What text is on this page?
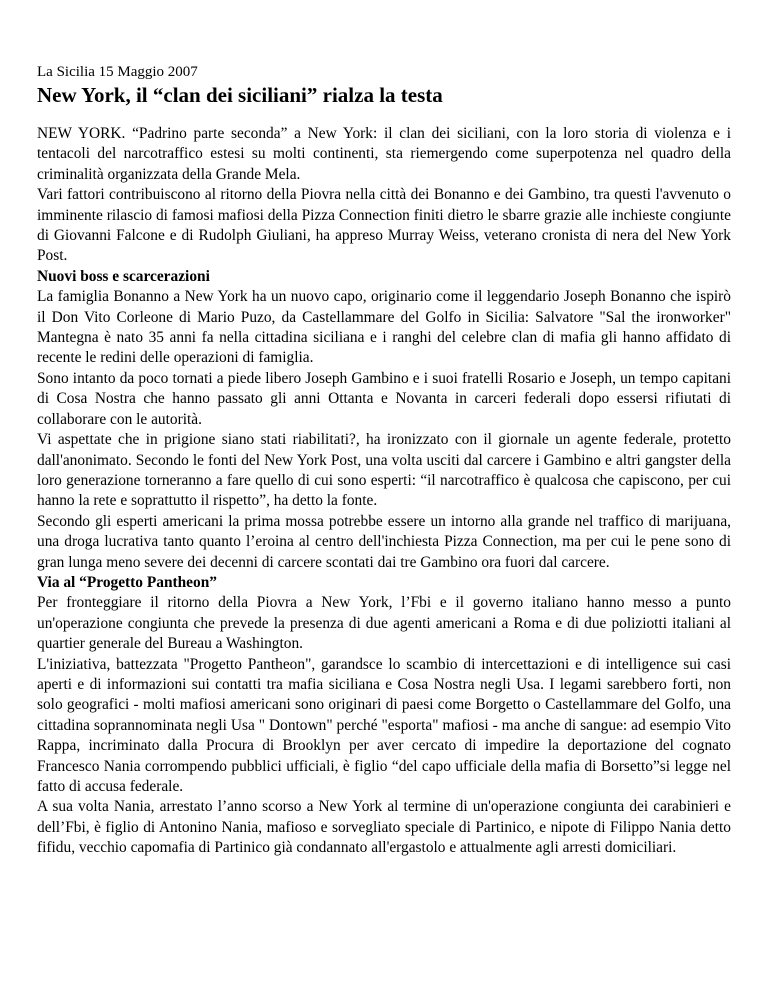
La Sicilia 15 Maggio 2007

New York, il “clan dei siciliani” rialza la testa

NEW YORK. “Padrino parte seconda” a New York: il clan dei siciliani, con la loro storia di violenza e i tentacoli del narcotraffico estesi su molti continenti, sta riemergendo come superpotenza nel quadro della criminalità organizzata della Grande Mela.

Vari fattori contribuiscono al ritorno della Piovra nella città dei Bonanno e dei Gambino, tra questi l'avvenuto o imminente rilascio di famosi mafiosi della Pizza Connection finiti dietro le sbarre grazie alle inchieste congiunte di Giovanni Falcone e di Rudolph Giuliani, ha appreso Murray Weiss, veterano cronista di nera del New York Post.

Nuovi boss e scarcerazioni

La famiglia Bonanno a New York ha un nuovo capo, originario come il leggendario Joseph Bonanno che ispirò il Don Vito Corleone di Mario Puzo, da Castellammare del Golfo in Sicilia: Salvatore "Sal the ironworker" Mantegna è nato 35 anni fa nella cittadina siciliana e i ranghi del celebre clan di mafia gli hanno affidato di recente le redini delle operazioni di famiglia.

Sono intanto da poco tornati a piede libero Joseph Gambino e i suoi fratelli Rosario e Joseph, un tempo capitani di Cosa Nostra che hanno passato gli anni Ottanta e Novanta in carceri federali dopo essersi rifiutati di collaborare con le autorità.

Vi aspettate che in prigione siano stati riabilitati?, ha ironizzato con il giornale un agente federale, protetto dall'anonimato. Secondo le fonti del New York Post, una volta usciti dal carcere i Gambino e altri gangster della loro generazione torneranno a fare quello di cui sono esperti: “il narcotraffico è qualcosa che capiscono, per cui hanno la rete e soprattutto il rispetto”, ha detto la fonte.

Secondo gli esperti americani la prima mossa potrebbe essere un intorno alla grande nel traffico di marijuana, una droga lucrativa tanto quanto l’eroina al centro dell'inchiesta Pizza Connection, ma per cui le pene sono di gran lunga meno severe dei decenni di carcere scontati dai tre Gambino ora fuori dal carcere.

Via al “Progetto Pantheon”

Per fronteggiare il ritorno della Piovra a New York, l’Fbi e il governo italiano hanno messo a punto un'operazione congiunta che prevede la presenza di due agenti americani a Roma e di due poliziotti italiani al quartier generale del Bureau a Washington.

L'iniziativa, battezzata "Progetto Pantheon", garandsce lo scambio di intercettazioni e di intelligence sui casi aperti e di informazioni sui contatti tra mafia siciliana e Cosa Nostra negli Usa. I legami sarebbero forti, non solo geografici - molti mafiosi americani sono originari di paesi come Borgetto o Castellammare del Golfo, una cittadina soprannominata negli Usa " Dontown" perché "esporta" mafiosi - ma anche di sangue: ad esempio Vito Rappa, incriminato dalla Procura di Brooklyn per aver cercato di impedire la deportazione del cognato Francesco Nania corrompendo pubblici ufficiali, è figlio “del capo ufficiale della mafia di Borsetto”si legge nel fatto di accusa federale.

A sua volta Nania, arrestato l’anno scorso a New York al termine di un'operazione congiunta dei carabinieri e dell’Fbi, è figlio di Antonino Nania, mafioso e sorvegliato speciale di Partinico, e nipote di Filippo Nania detto fifidu, vecchio capomafia di Partinico già condannato all'ergastolo e attualmente agli arresti domiciliari.
